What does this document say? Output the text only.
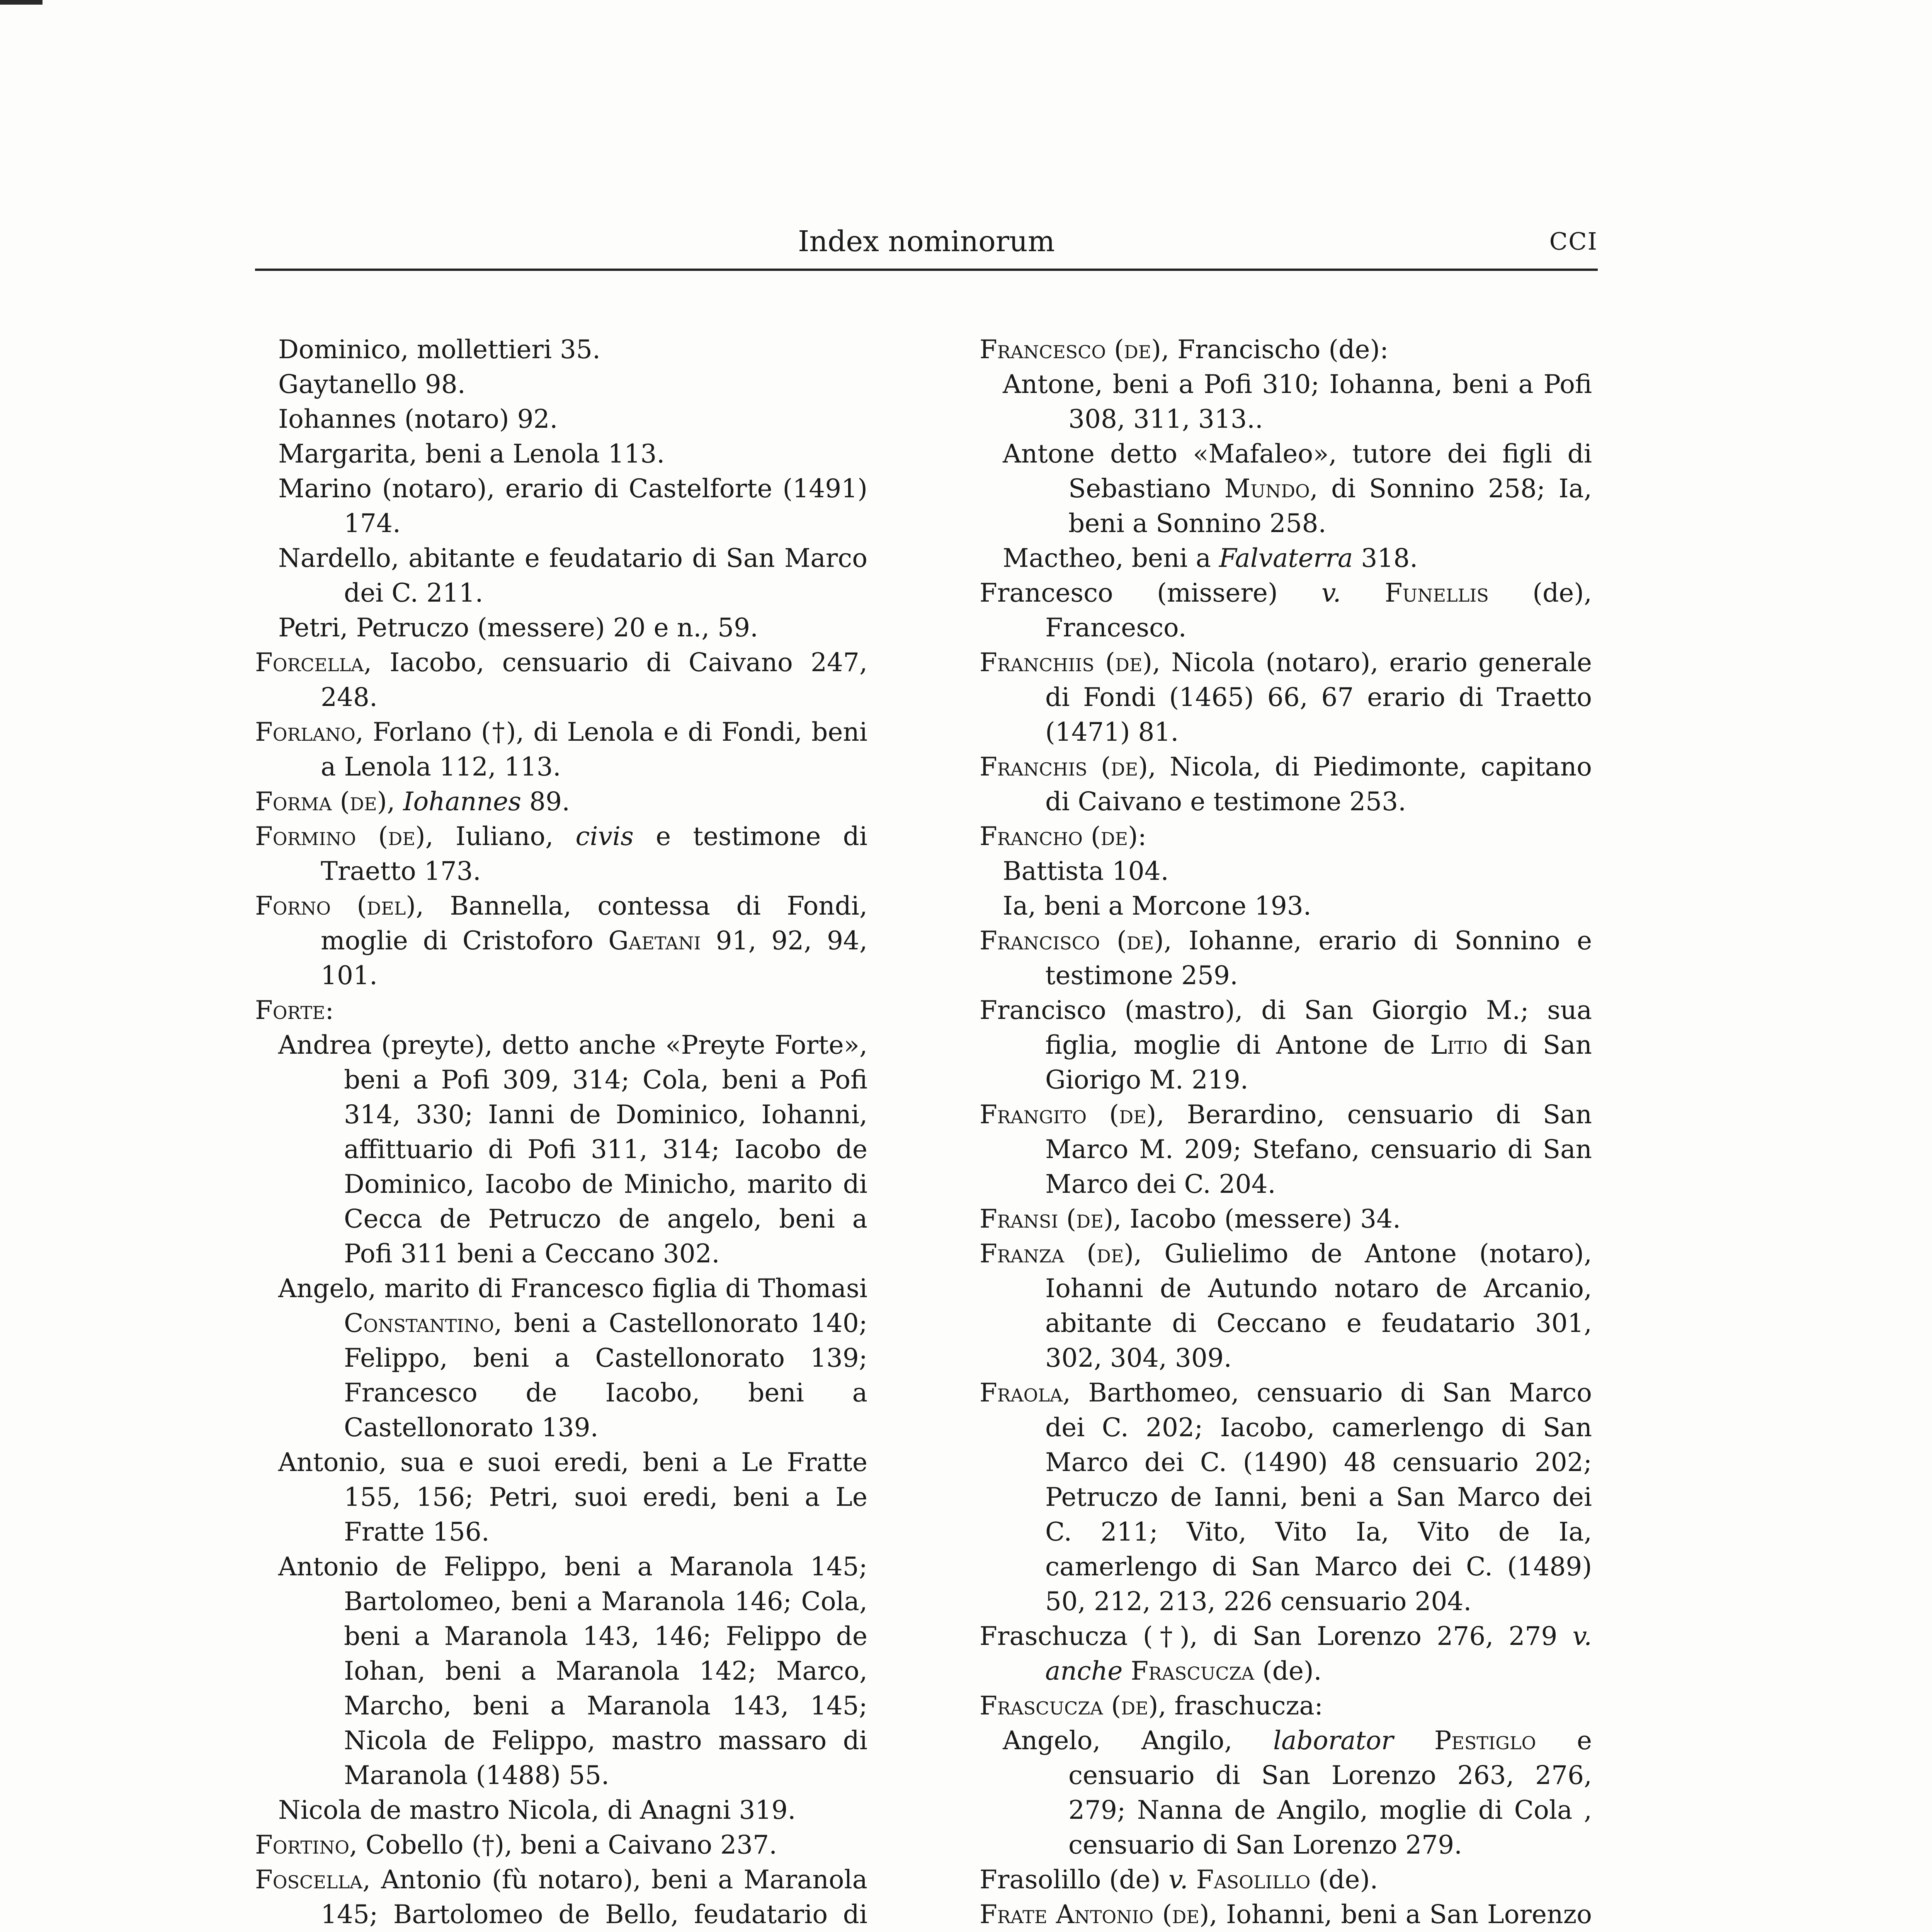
Index nominorum	CCI

Dominico, mollettieri 35.

Gaytanello 98.

Iohannes (notaro) 92.

Margarita, beni a Lenola 113.

Marino (notaro), erario di Castelforte (1491) 174.

Nardello, abitante e feudatario di San Marco dei C. 211.

Petri, Petruczo (messere) 20 e n., 59.

Forcella, Iacobo, censuario di Caivano 247, 248.

Forlano, Forlano (†), di Lenola e di Fondi, beni a Lenola 112, 113.

Forma (de), Iohannes 89.

Formino (de), Iuliano, civis e testimone di Traetto 173.

Forno (del), Bannella, contessa di Fondi, moglie di Cristoforo Gaetani 91, 92, 94, 101.

Forte:

Andrea (preyte), detto anche «Preyte Forte», beni a Pofi 309, 314; Cola, beni a Pofi 314, 330; Ianni de Dominico, Iohanni, affittuario di Pofi 311, 314; Iacobo de Dominico, Iacobo de Minicho, marito di Cecca de Petruczo de angelo, beni a Pofi 311 beni a Ceccano 302.

Angelo, marito di Francesco figlia di Thomasi Constantino, beni a Castellonorato 140; Felippo, beni a Castellonorato 139; Francesco de Iacobo, beni a Castellonorato 139.

Antonio, sua e suoi eredi, beni a Le Fratte 155, 156; Petri, suoi eredi, beni a Le Fratte 156.

Antonio de Felippo, beni a Maranola 145; Bartolomeo, beni a Maranola 146; Cola, beni a Maranola 143, 146; Felippo de Iohan, beni a Maranola 142; Marco, Marcho, beni a Maranola 143, 145; Nicola de Felippo, mastro massaro di Maranola (1488) 55.

Nicola de mastro Nicola, di Anagni 319.

Fortino, Cobello (†), beni a Caivano 237.

Foscella, Antonio (fù notaro), beni a Maranola 145; Bartolomeo de Bello, feudatario di

Francesco (de), Francischo (de):

Antone, beni a Pofi 310; Iohanna, beni a Pofi 308, 311, 313..

Antone detto «Mafaleo», tutore dei figli di Sebastiano Mundo, di Sonnino 258; Ia, beni a Sonnino 258.

Mactheo, beni a Falvaterra 318.

Francesco (missere) v. Funellis (de), Francesco.

Franchiis (de), Nicola (notaro), erario generale di Fondi (1465) 66, 67 erario di Traetto (1471) 81.

Franchis (de), Nicola, di Piedimonte, capitano di Caivano e testimone 253.

Francho (de):

Battista 104.

Ia, beni a Morcone 193.

Francisco (de), Iohanne, erario di Sonnino e testimone 259.

Francisco (mastro), di San Giorgio M.; sua figlia, moglie di Antone de Litio di San Giorigo M. 219.

Frangito (de), Berardino, censuario di San Marco M. 209; Stefano, censuario di San Marco dei C. 204.

Fransi (de), Iacobo (messere) 34.

Franza (de), Gulielimo de Antone (notaro), Iohanni de Autundo notaro de Arcanio, abitante di Ceccano e feudatario 301, 302, 304, 309.

Fraola, Barthomeo, censuario di San Marco dei C. 202; Iacobo, camerlengo di San Marco dei C. (1490) 48 censuario 202; Petruczo de Ianni, beni a San Marco dei C. 211; Vito, Vito Ia, Vito de Ia, camerlengo di San Marco dei C. (1489) 50, 212, 213, 226 censuario 204.

Fraschucza (†), di San Lorenzo 276, 279 v. anche Frascucza (de).

Frascucza (de), fraschucza:

Angelo, Angilo, laborator Pestiglo e censuario di San Lorenzo 263, 276, 279; Nanna de Angilo, moglie di Cola , censuario di San Lorenzo 279.

Frasolillo (de) v. Fasolillo (de).

Frate Antonio (de), Iohanni, beni a San Lorenzo
